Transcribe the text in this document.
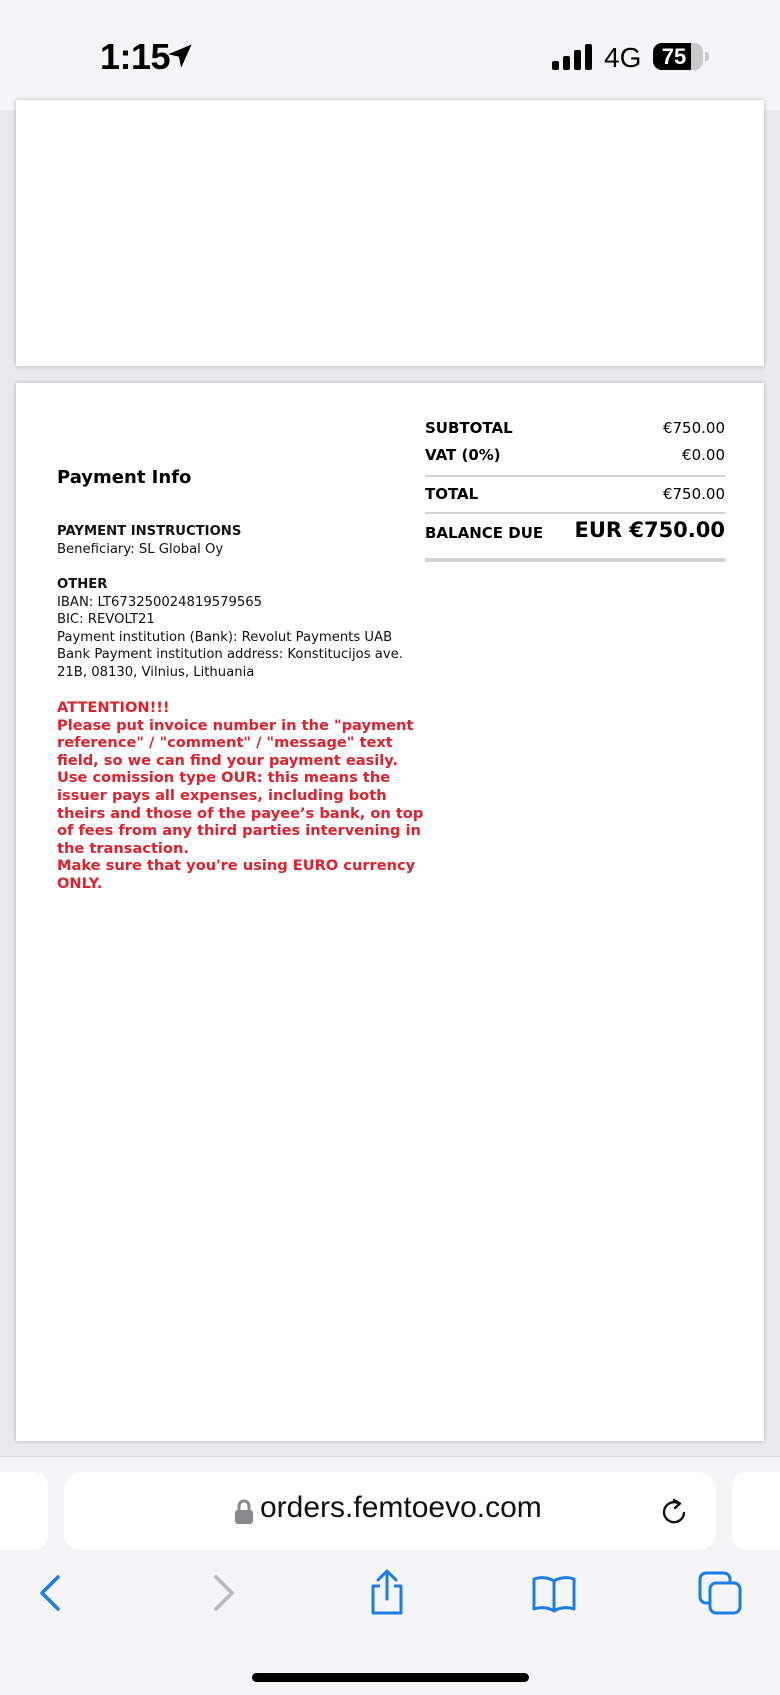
1:15	4G 75
Payment Info
PAYMENT INSTRUCTIONS
Beneficiary: SL Global Oy
OTHER
IBAN: LT673250024819579565
BIC: REVOLT21
Payment institution (Bank): Revolut Payments UAB
Bank Payment institution address: Konstitucijos ave. 21B, 08130, Vilnius, Lithuania
ATTENTION!!!
Please put invoice number in the "payment reference" / "comment" / "message" text field, so we can find your payment easily.
Use comission type OUR: this means the issuer pays all expenses, including both theirs and those of the payee’s bank, on top of fees from any third parties intervening in the transaction.
Make sure that you're using EURO currency ONLY.
SUBTOTAL	€750.00
VAT (0%)	€0.00
TOTAL	€750.00
BALANCE DUE EUR €750.00
orders.femtoevo.com
